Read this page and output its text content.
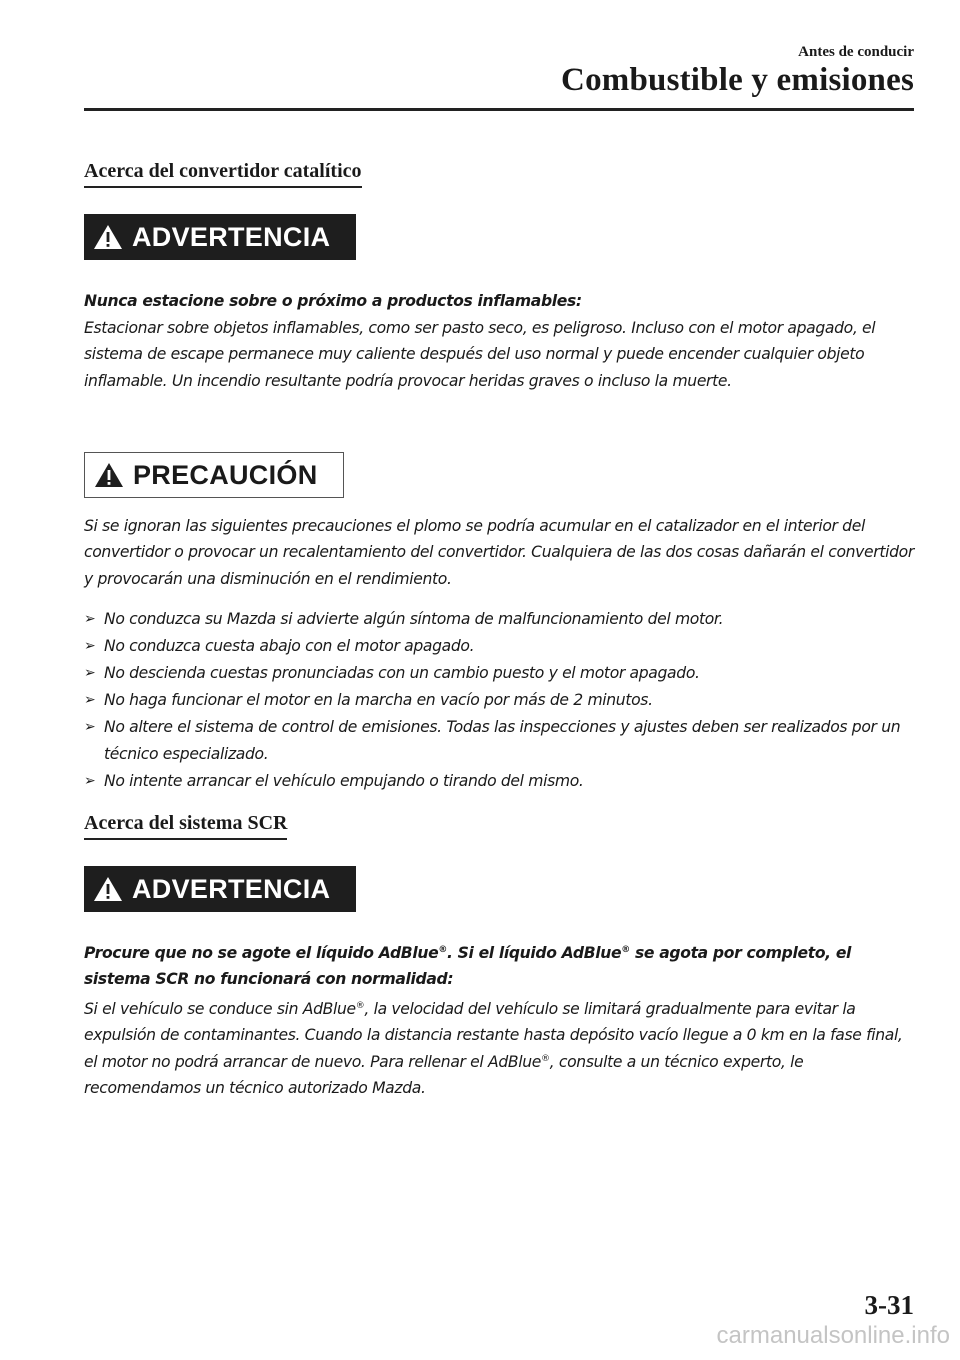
Antes de conducir
Combustible y emisiones
Acerca del convertidor catalítico
ADVERTENCIA

Nunca estacione sobre o próximo a productos inflamables:

Estacionar sobre objetos inflamables, como ser pasto seco, es peligroso. Incluso con el motor apagado, el sistema de escape permanece muy caliente después del uso normal y puede encender cualquier objeto inflamable. Un incendio resultante podría provocar heridas graves o incluso la muerte.

PRECAUCIÓN

Si se ignoran las siguientes precauciones el plomo se podría acumular en el catalizador en el interior del convertidor o provocar un recalentamiento del convertidor. Cualquiera de las dos cosas dañarán el convertidor y provocarán una disminución en el rendimiento.

➢ No conduzca su Mazda si advierte algún síntoma de malfuncionamiento del motor.
➢ No conduzca cuesta abajo con el motor apagado.
➢ No descienda cuestas pronunciadas con un cambio puesto y el motor apagado.
➢ No haga funcionar el motor en la marcha en vacío por más de 2 minutos.
➢ No altere el sistema de control de emisiones. Todas las inspecciones y ajustes deben ser realizados por un técnico especializado.
➢ No intente arrancar el vehículo empujando o tirando del mismo.
Acerca del sistema SCR
ADVERTENCIA

Procure que no se agote el líquido AdBlue®. Si el líquido AdBlue® se agota por completo, el sistema SCR no funcionará con normalidad:

Si el vehículo se conduce sin AdBlue®, la velocidad del vehículo se limitará gradualmente para evitar la expulsión de contaminantes. Cuando la distancia restante hasta depósito vacío llegue a 0 km en la fase final, el motor no podrá arrancar de nuevo. Para rellenar el AdBlue®, consulte a un técnico experto, le recomendamos un técnico autorizado Mazda.

3-31
carmanualsonline.info
